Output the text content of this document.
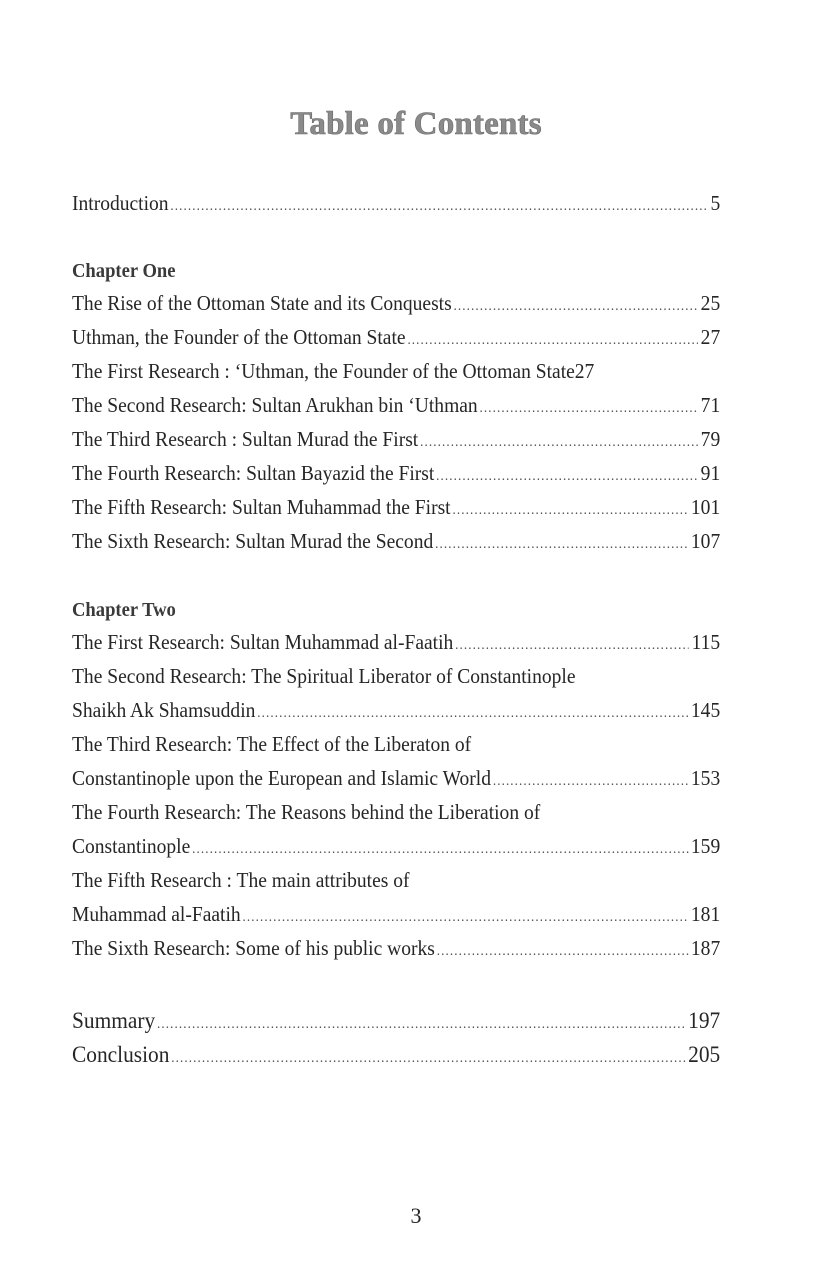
Table of Contents
Introduction .....	5
Chapter One
The Rise of the Ottoman State and its Conquests .....	25
Uthman, the Founder of the Ottoman State .....	27
The First Research : ‘Uthman, the Founder of the Ottoman State 27
The Second Research: Sultan Arukhan bin ‘Uthman .....	71
The Third Research : Sultan Murad the First .....	79
The Fourth Research: Sultan Bayazid the First .....	91
The Fifth Research: Sultan Muhammad the First .....	101
The Sixth Research: Sultan Murad the Second .....	107
Chapter Two
The First Research: Sultan Muhammad al-Faatih .....	115
The Second Research: The Spiritual Liberator of Constantinople
Shaikh Ak Shamsuddin .....	145
The Third Research: The Effect of the Liberaton of
Constantinople upon the European and Islamic World .....	153
The Fourth Research: The Reasons behind the Liberation of
Constantinople .....	159
The Fifth Research : The main attributes of
Muhammad al-Faatih .....	181
The Sixth Research: Some of his public works .....	187
Summary .....	197
Conclusion .....	205
3
